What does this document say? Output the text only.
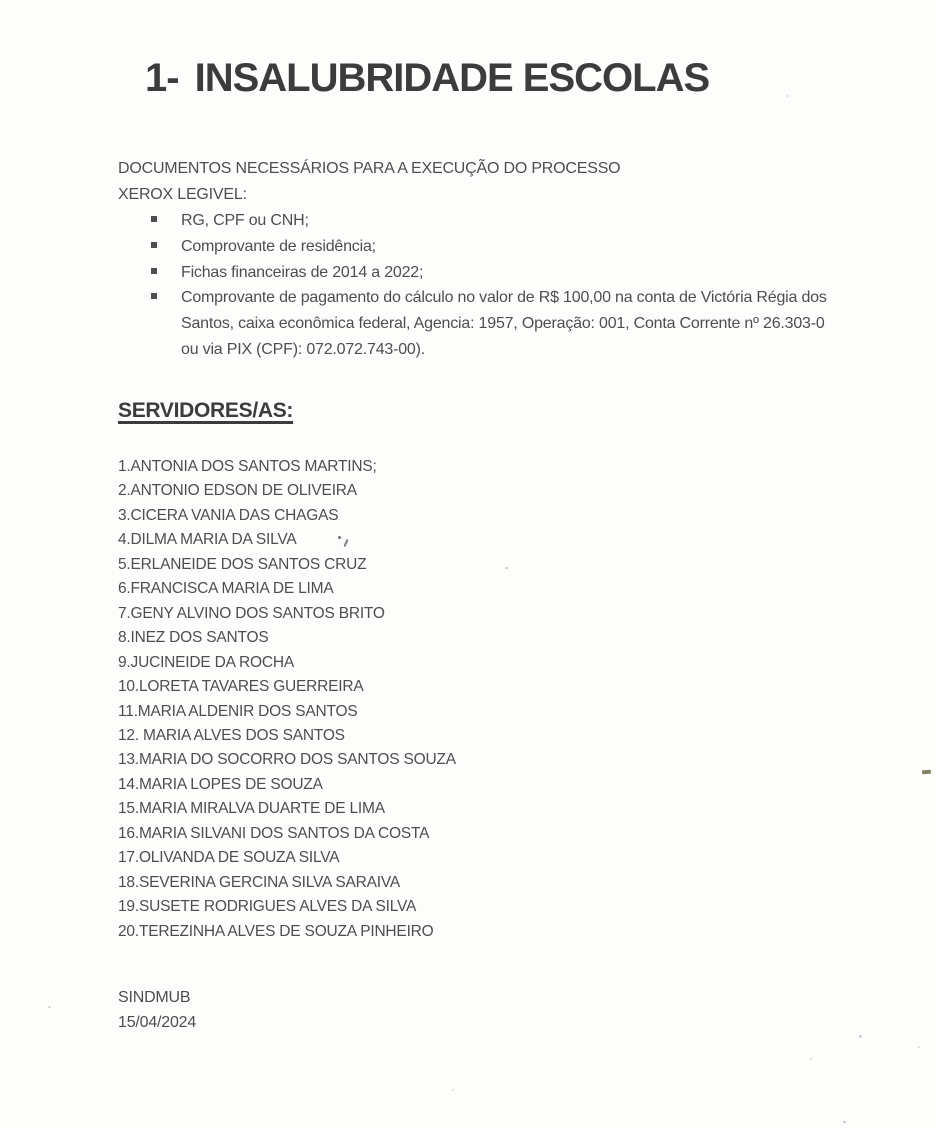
1- INSALUBRIDADE ESCOLAS
DOCUMENTOS NECESSÁRIOS PARA A EXECUÇÃO DO PROCESSO
XEROX LEGIVEL:
RG, CPF ou CNH;
Comprovante de residência;
Fichas financeiras de 2014 a 2022;
Comprovante de pagamento do cálculo no valor de R$ 100,00 na conta de Victória Régia dos
Santos, caixa econômica federal, Agencia: 1957, Operação: 001, Conta Corrente nº 26.303-0
ou via PIX (CPF): 072.072.743-00).
SERVIDORES/AS:
1.ANTONIA DOS SANTOS MARTINS;
2.ANTONIO EDSON DE OLIVEIRA
3.CICERA VANIA DAS CHAGAS
4.DILMA MARIA DA SILVA
5.ERLANEIDE DOS SANTOS CRUZ
6.FRANCISCA MARIA DE LIMA
7.GENY ALVINO DOS SANTOS BRITO
8.INEZ DOS SANTOS
9.JUCINEIDE DA ROCHA
10.LORETA TAVARES GUERREIRA
11.MARIA ALDENIR DOS SANTOS
12. MARIA ALVES DOS SANTOS
13.MARIA DO SOCORRO DOS SANTOS SOUZA
14.MARIA LOPES DE SOUZA
15.MARIA MIRALVA DUARTE DE LIMA
16.MARIA SILVANI DOS SANTOS DA COSTA
17.OLIVANDA DE SOUZA SILVA
18.SEVERINA GERCINA SILVA SARAIVA
19.SUSETE RODRIGUES ALVES DA SILVA
20.TEREZINHA ALVES DE SOUZA PINHEIRO
SINDMUB
15/04/2024
